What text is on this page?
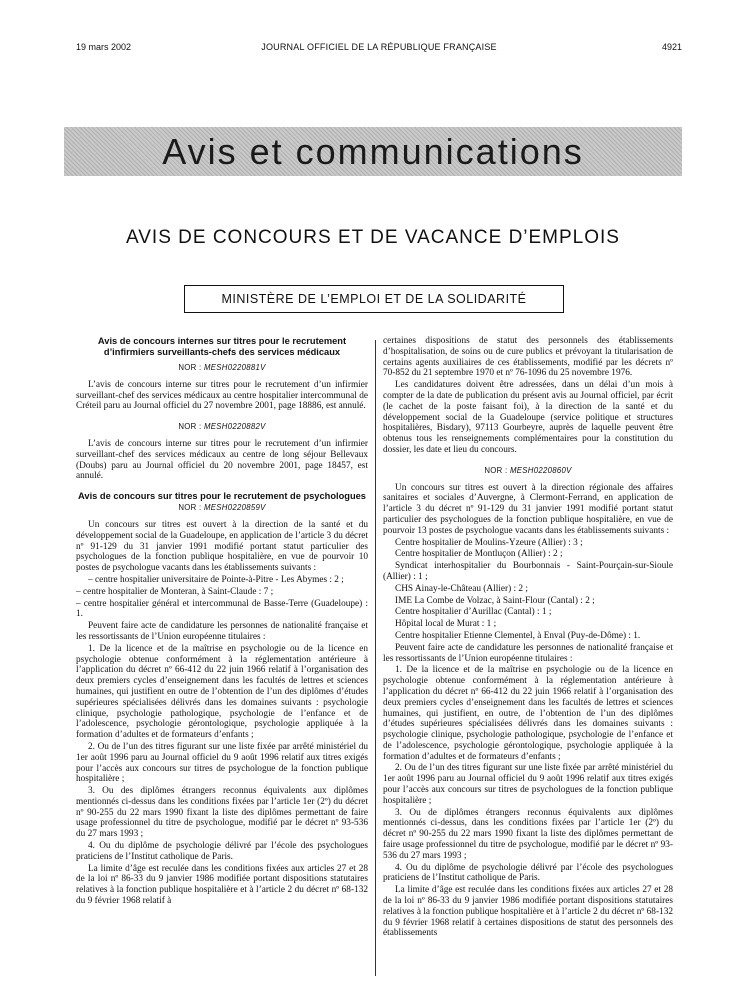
19 mars 2002	JOURNAL OFFICIEL DE LA RÉPUBLIQUE FRANÇAISE	4921
Avis et communications
AVIS DE CONCOURS ET DE VACANCE D’EMPLOIS
MINISTÈRE DE L’EMPLOI ET DE LA SOLIDARITÉ
Avis de concours internes sur titres pour le recrutement d’infirmiers surveillants-chefs des services médicaux
NOR : MESH0220881V

L’avis de concours interne sur titres pour le recrutement d’un infirmier surveillant-chef des services médicaux au centre hospitalier intercommunal de Créteil paru au Journal officiel du 27 novembre 2001, page 18886, est annulé.

NOR : MESH0220882V

L’avis de concours interne sur titres pour le recrutement d’un infirmier surveillant-chef des services médicaux au centre de long séjour Bellevaux (Doubs) paru au Journal officiel du 20 novembre 2001, page 18457, est annulé.

Avis de concours sur titres pour le recrutement de psychologues
NOR : MESH0220859V

Un concours sur titres est ouvert à la direction de la santé et du développement social de la Guadeloupe, en application de l’article 3 du décret nº 91-129 du 31 janvier 1991 modifié portant statut particulier des psychologues de la fonction publique hospitalière, en vue de pourvoir 10 postes de psychologue vacants dans les établissements suivants :

– centre hospitalier universitaire de Pointe-à-Pitre - Les Abymes : 2 ;

– centre hospitalier de Monteran, à Saint-Claude : 7 ;

– centre hospitalier général et intercommunal de Basse-Terre (Guadeloupe) : 1.

Peuvent faire acte de candidature les personnes de nationalité française et les ressortissants de l’Union européenne titulaires :

1. De la licence et de la maîtrise en psychologie ou de la licence en psychologie obtenue conformément à la réglementation antérieure à l’application du décret nº 66-412 du 22 juin 1966 relatif à l’organisation des deux premiers cycles d’enseignement dans les facultés de lettres et sciences humaines, qui justifient en outre de l’obtention de l’un des diplômes d’études supérieures spécialisées délivrés dans les domaines suivants : psychologie clinique, psychologie pathologique, psychologie de l’enfance et de l’adolescence, psychologie gérontologique, psychologie appliquée à la formation d’adultes et de formateurs d’enfants ;

2. Ou de l’un des titres figurant sur une liste fixée par arrêté ministériel du 1er août 1996 paru au Journal officiel du 9 août 1996 relatif aux titres exigés pour l’accès aux concours sur titres de psychologue de la fonction publique hospitalière ;

3. Ou des diplômes étrangers reconnus équivalents aux diplômes mentionnés ci-dessus dans les conditions fixées par l’article 1er (2º) du décret nº 90-255 du 22 mars 1990 fixant la liste des diplômes permettant de faire usage professionnel du titre de psychologue, modifié par le décret nº 93-536 du 27 mars 1993 ;

4. Ou du diplôme de psychologie délivré par l’école des psychologues praticiens de l’Institut catholique de Paris.

La limite d’âge est reculée dans les conditions fixées aux articles 27 et 28 de la loi nº 86-33 du 9 janvier 1986 modifiée portant dispositions statutaires relatives à la fonction publique hospitalière et à l’article 2 du décret nº 68-132 du 9 février 1968 relatif à

certaines dispositions de statut des personnels des établissements d’hospitalisation, de soins ou de cure publics et prévoyant la titularisation de certains agents auxiliaires de ces établissements, modifié par les décrets nº 70-852 du 21 septembre 1970 et nº 76-1096 du 25 novembre 1976.

Les candidatures doivent être adressées, dans un délai d’un mois à compter de la date de publication du présent avis au Journal officiel, par écrit (le cachet de la poste faisant foi), à la direction de la santé et du développement social de la Guadeloupe (service politique et structures hospitalières, Bisdary), 97113 Gourbeyre, auprès de laquelle peuvent être obtenus tous les renseignements complémentaires pour la constitution du dossier, les date et lieu du concours.

NOR : MESH0220860V

Un concours sur titres est ouvert à la direction régionale des affaires sanitaires et sociales d’Auvergne, à Clermont-Ferrand, en application de l’article 3 du décret nº 91-129 du 31 janvier 1991 modifié portant statut particulier des psychologues de la fonction publique hospitalière, en vue de pourvoir 13 postes de psychologue vacants dans les établissements suivants :

Centre hospitalier de Moulins-Yzeure (Allier) : 3 ;

Centre hospitalier de Montluçon (Allier) : 2 ;

Syndicat interhospitalier du Bourbonnais - Saint-Pourçain-sur-Sioule (Allier) : 1 ;

CHS Ainay-le-Château (Allier) : 2 ;

IME La Combe de Volzac, à Saint-Flour (Cantal) : 2 ;

Centre hospitalier d’Aurillac (Cantal) : 1 ;

Hôpital local de Murat : 1 ;

Centre hospitalier Etienne Clementel, à Enval (Puy-de-Dôme) : 1.

Peuvent faire acte de candidature les personnes de nationalité française et les ressortissants de l’Union européenne titulaires :

1. De la licence et de la maîtrise en psychologie ou de la licence en psychologie obtenue conformément à la réglementation antérieure à l’application du décret nº 66-412 du 22 juin 1966 relatif à l’organisation des deux premiers cycles d’enseignement dans les facultés de lettres et sciences humaines, qui justifient, en outre, de l’obtention de l’un des diplômes d’études supérieures spécialisées délivrés dans les domaines suivants : psychologie clinique, psychologie pathologique, psychologie de l’enfance et de l’adolescence, psychologie gérontologique, psychologie appliquée à la formation d’adultes et de formateurs d’enfants ;

2. Ou de l’un des titres figurant sur une liste fixée par arrêté ministériel du 1er août 1996 paru au Journal officiel du 9 août 1996 relatif aux titres exigés pour l’accès aux concours sur titres de psychologues de la fonction publique hospitalière ;

3. Ou de diplômes étrangers reconnus équivalents aux diplômes mentionnés ci-dessus, dans les conditions fixées par l’article 1er (2º) du décret nº 90-255 du 22 mars 1990 fixant la liste des diplômes permettant de faire usage professionnel du titre de psychologue, modifié par le décret nº 93-536 du 27 mars 1993 ;

4. Ou du diplôme de psychologie délivré par l’école des psychologues praticiens de l’Institut catholique de Paris.

La limite d’âge est reculée dans les conditions fixées aux articles 27 et 28 de la loi nº 86-33 du 9 janvier 1986 modifiée portant dispositions statutaires relatives à la fonction publique hospitalière et à l’article 2 du décret nº 68-132 du 9 février 1968 relatif à certaines dispositions de statut des personnels des établissements
